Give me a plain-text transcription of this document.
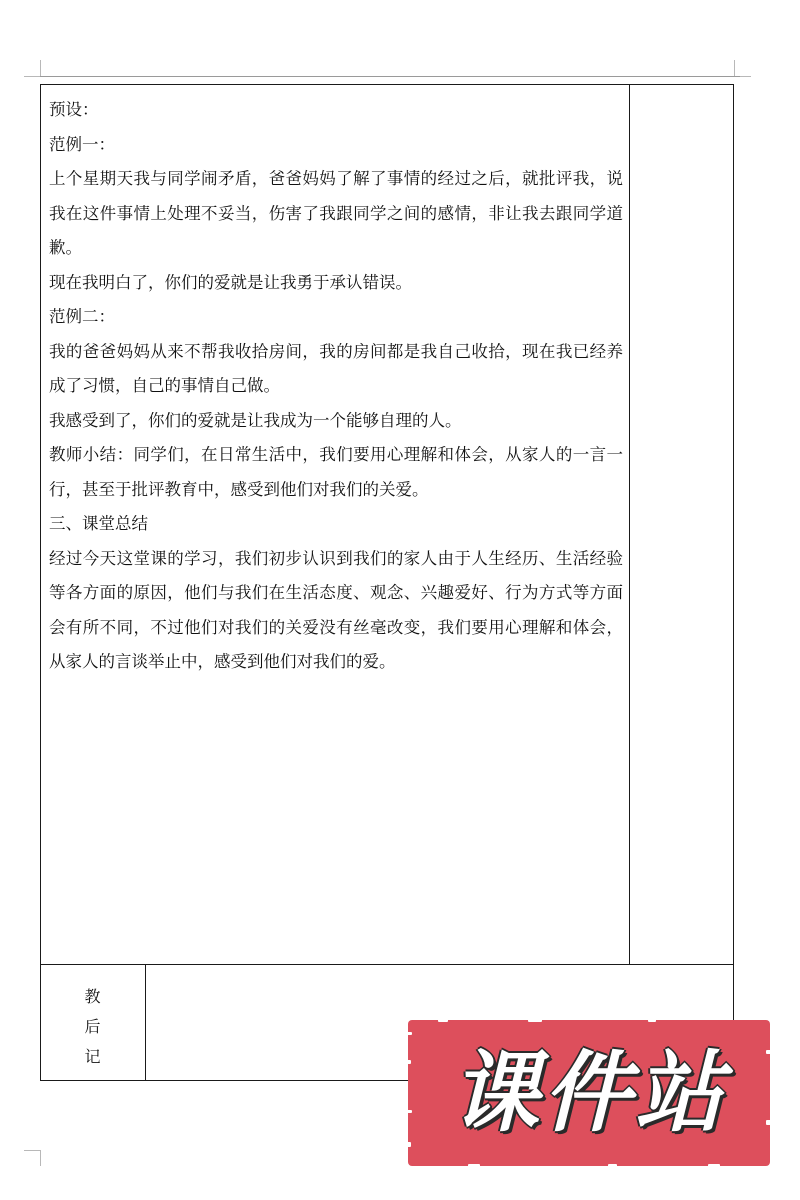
预设：

范例一：

上个星期天我与同学闹矛盾，爸爸妈妈了解了事情的经过之后，就批评我，说我在这件事情上处理不妥当，伤害了我跟同学之间的感情，非让我去跟同学道歉。

现在我明白了，你们的爱就是让我勇于承认错误。

范例二：

我的爸爸妈妈从来不帮我收拾房间，我的房间都是我自己收拾，现在我已经养成了习惯，自己的事情自己做。

我感受到了，你们的爱就是让我成为一个能够自理的人。

教师小结：同学们，在日常生活中，我们要用心理解和体会，从家人的一言一行，甚至于批评教育中，感受到他们对我们的关爱。

三、课堂总结

经过今天这堂课的学习，我们初步认识到我们的家人由于人生经历、生活经验等各方面的原因，他们与我们在生活态度、观念、兴趣爱好、行为方式等方面会有所不同，不过他们对我们的关爱没有丝毫改变，我们要用心理解和体会，从家人的言谈举止中，感受到他们对我们的爱。

教
后
记	课件站
